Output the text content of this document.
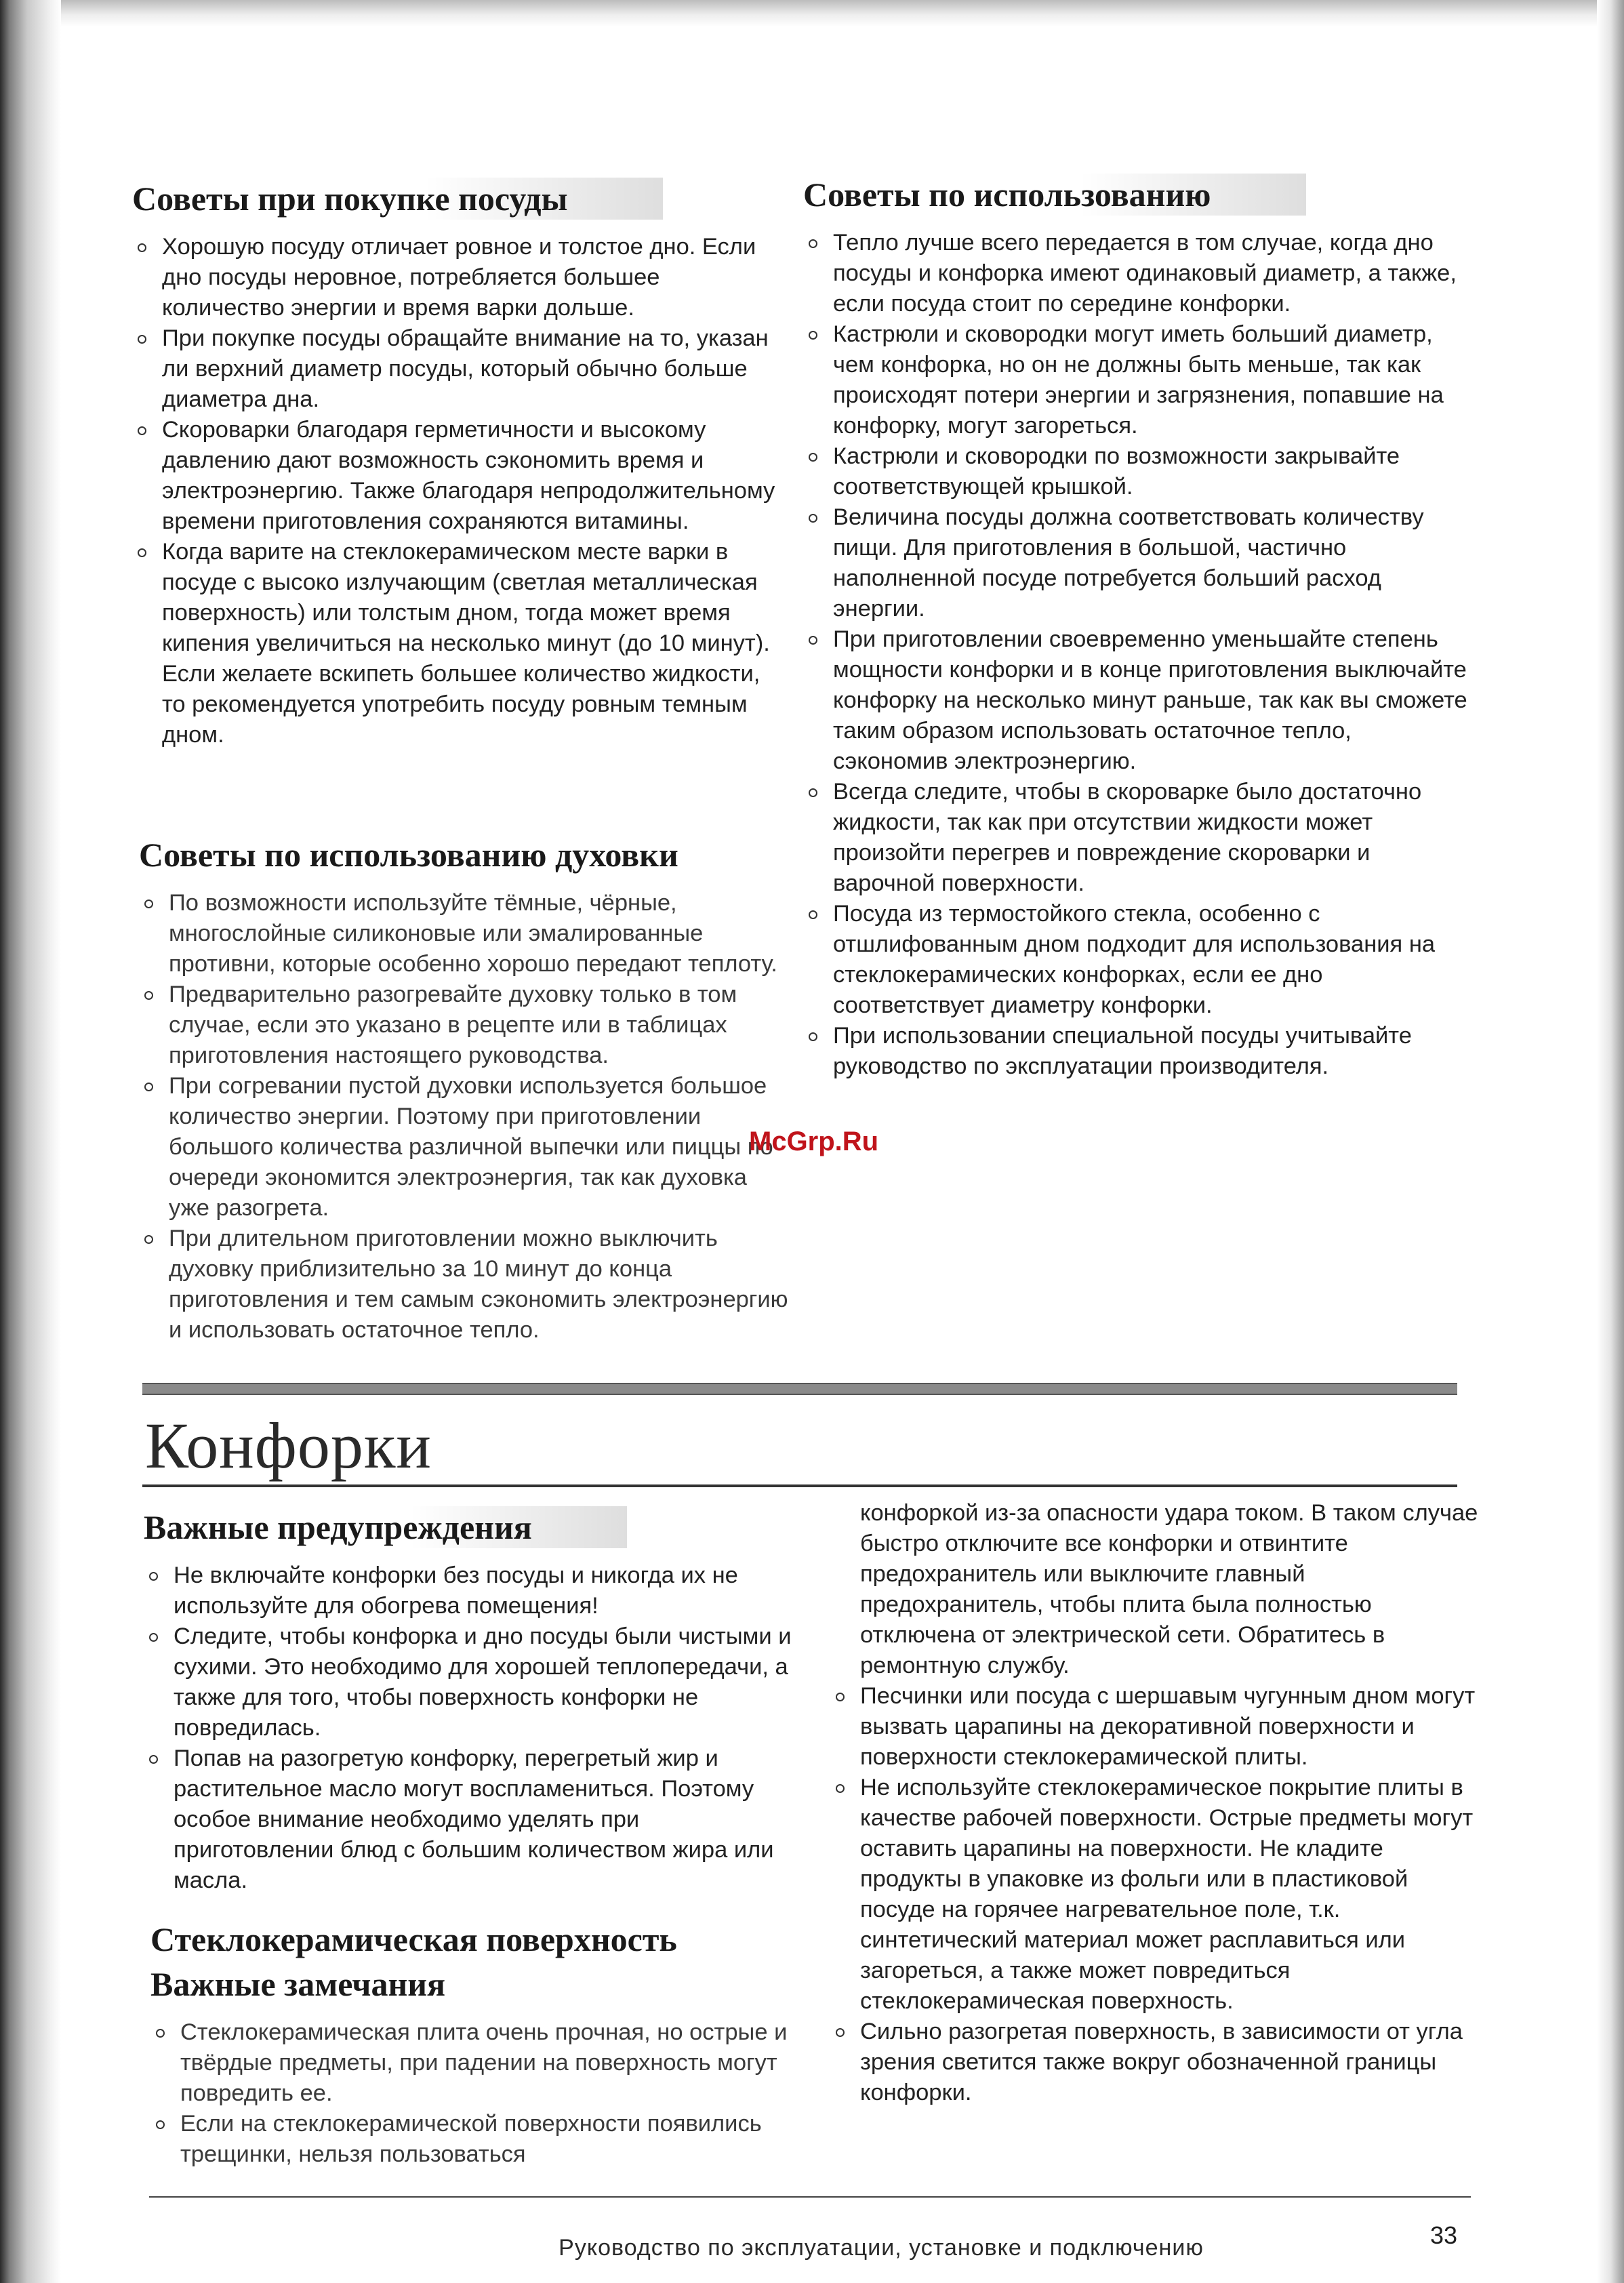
Советы при покупке посуды
Хорошую посуду отличает ровное и толстое дно. Если дно посуды неровное, потребляется большее количество энергии и время варки дольше.
При покупке посуды обращайте внимание на то, указан ли верхний диаметр посуды, который обычно больше диаметра дна.
Скороварки благодаря герметичности и высокому давлению дают возможность сэкономить время и электроэнергию. Также благодаря непродолжительному времени приготовления сохраняются витамины.
Когда варите на стеклокерамическом месте варки в посуде с высоко излучающим (светлая металлическая поверхность) или толстым дном, тогда может время кипения увеличиться на несколько минут (до 10 минут). Если желаете вскипеть большее количество жидкости, то рекомендуется употребить посуду ровным темным дном.
Советы по использованию духовки
По возможности используйте тёмные, чёрные, многослойные силиконовые или эмалированные противни, которые особенно хорошо передают теплоту.
Предварительно разогревайте духовку только в том случае, если это указано в рецепте или в таблицах приготовления настоящего руководства.
При согревании пустой духовки используется большое количество энергии. Поэтому при приготовлении большого количества различной выпечки или пиццы по очереди экономится электроэнергия, так как духовка уже разогрета.
При длительном приготовлении можно выключить духовку приблизительно за 10 минут до конца приготовления и тем самым сэкономить электроэнергию и использовать остаточное тепло.
Советы по использованию
Тепло лучше всего передается в том случае, когда дно посуды и конфорка имеют одинаковый диаметр, а также, если посуда стоит по середине конфорки.
Кастрюли и сковородки могут иметь больший диаметр, чем конфорка, но он не должны быть меньше, так как происходят потери энергии и загрязнения, попавшие на конфорку, могут загореться.
Кастрюли и сковородки по возможности закрывайте соответствующей крышкой.
Величина посуды должна соответствовать количеству пищи. Для приготовления в большой, частично наполненной посуде потребуется больший расход энергии.
При приготовлении своевременно уменьшайте степень мощности конфорки и в конце приготовления выключайте конфорку на несколько минут раньше, так как вы сможете таким образом использовать остаточное тепло, сэкономив электроэнергию.
Всегда следите, чтобы в скороварке было достаточно жидкости, так как при отсутствии жидкости может произойти перегрев и повреждение скороварки и варочной поверхности.
Посуда из термостойкого стекла, особенно с отшлифованным дном подходит для использования на стеклокерамических конфорках, если ее дно соответствует диаметру конфорки.
При использовании специальной посуды учитывайте руководство по эксплуатации производителя.
McGrp.Ru
Конфорки
Важные предупреждения
Не включайте конфорки без посуды и никогда их не используйте для обогрева помещения!
Следите, чтобы конфорка и дно посуды были чистыми и сухими. Это необходимо для хорошей теплопередачи, а также для того, чтобы поверхность конфорки не повредилась.
Попав на разогретую конфорку, перегретый жир и растительное масло могут воспламениться. Поэтому особое внимание необходимо уделять при приготовлении блюд с большим количеством жира или масла.
Стеклокерамическая поверхность
Важные замечания
Стеклокерамическая плита очень прочная, но острые и твёрдые предметы, при падении на поверхность могут повредить ее.
Если на стеклокерамической поверхности появились трещинки, нельзя пользоваться

конфоркой из-за опасности удара током. В таком случае быстро отключите все конфорки и отвинтите предохранитель или выключите главный предохранитель, чтобы плита была полностью отключена от электрической сети. Обратитесь в ремонтную службу.

Песчинки или посуда с шершавым чугунным дном могут вызвать царапины на декоративной поверхности и поверхности стеклокерамической плиты.
Не используйте стеклокерамическое покрытие плиты в качестве рабочей поверхности. Острые предметы могут оставить царапины на поверхности. Не кладите продукты в упаковке из фольги или в пластиковой посуде на горячее нагревательное поле, т.к. синтетический материал может расплавиться или загореться, а также может повредиться стеклокерамическая поверхность.
Сильно разогретая поверхность, в зависимости от угла зрения светится также вокруг обозначенной границы конфорки.
33
Руководство по эксплуатации, установке и подключению
